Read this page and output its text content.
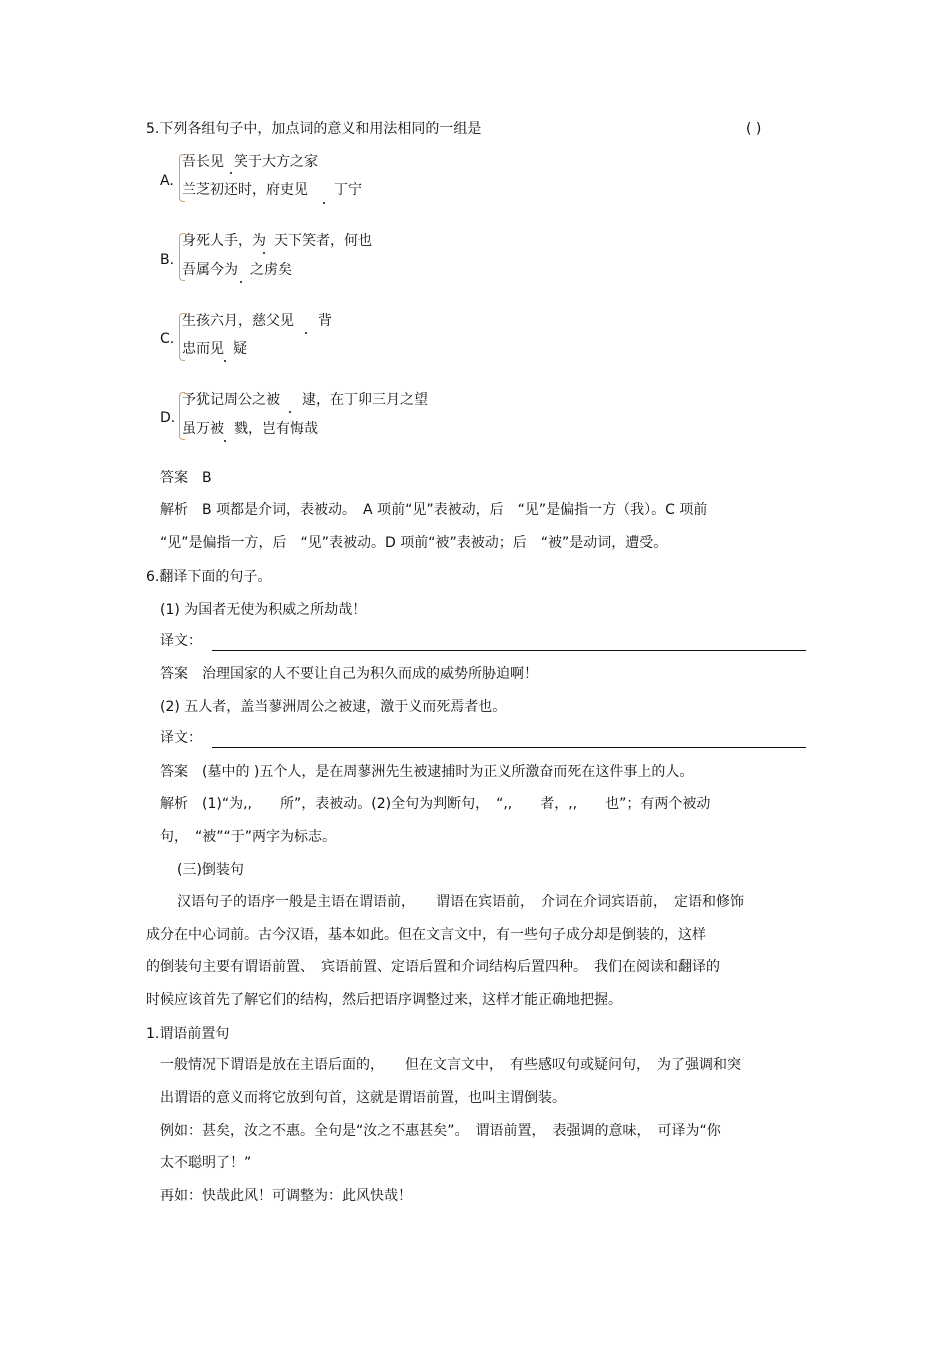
5.下列各组句子中，加点词的意义和用法相同的一组是	( )
A.
吾长见 笑于大方之家
兰芝初还时，府吏见 丁宁
B.
身死人手，为 天下笑者，何也
吾属今为 之虏矣
C.
生孩六月，慈父见 背
忠而见 疑
D.
予犹记周公之被 逮，在丁卯三月之望
虽万被 戮，岂有悔哉
答案　B
解析　B 项都是介词，表被动。　A 项前“见”表被动，后　“见”是偏指一方（我）。C 项前
“见”是偏指一方，后　“见”表被动。D 项前“被”表被动；后　“被”是动词，遭受。
6.翻译下面的句子。
(1) 为国者无使为积威之所劫哉！
译文：
答案　治理国家的人不要让自己为积久而成的威势所胁迫啊！
(2) 五人者，盖当蓼洲周公之被逮，激于义而死焉者也。
译文：
答案　(墓中的 )五个人，是在周蓼洲先生被逮捕时为正义所激奋而死在这件事上的人。
解析　(1)“为,,　　所”，表被动。(2)全句为判断句，　“,,　　者，,,　　也”；有两个被动
句，　“被”“于”两字为标志。
(三)倒装句
汉语句子的语序一般是主语在谓语前，　　谓语在宾语前，　介词在介词宾语前，　定语和修饰
成分在中心词前。古今汉语，基本如此。但在文言文中，有一些句子成分却是倒装的，这样
的倒装句主要有谓语前置、　宾语前置、定语后置和介词结构后置四种。　我们在阅读和翻译的
时候应该首先了解它们的结构，然后把语序调整过来，这样才能正确地把握。
1.谓语前置句
一般情况下谓语是放在主语后面的，　　但在文言文中，　有些感叹句或疑问句，　为了强调和突
出谓语的意义而将它放到句首，这就是谓语前置，也叫主谓倒装。
例如：甚矣，汝之不惠。全句是“汝之不惠甚矣”。　谓语前置，　表强调的意味，　可译为“你
太不聪明了！”
再如：快哉此风！可调整为：此风快哉！
